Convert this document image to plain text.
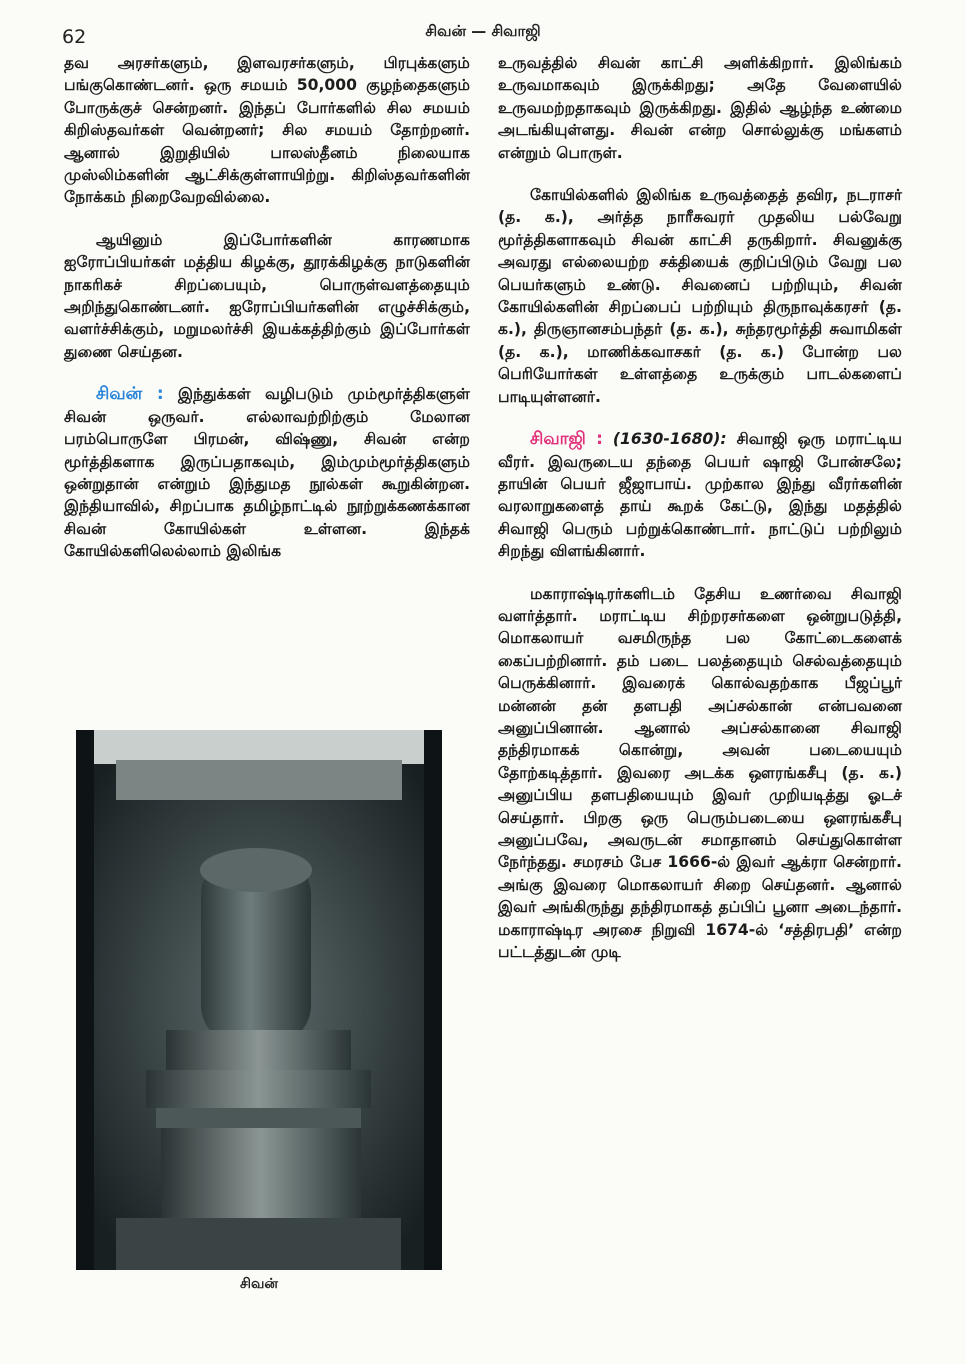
62	சிவன் — சிவாஜி

தவ அரசர்களும், இளவரசர்களும், பிரபுக்களும் பங்குகொண்டனர். ஒரு சமயம் 50,000 குழந்தைகளும் போருக்குச் சென்றனர். இந்தப் போர்களில் சில சமயம் கிறிஸ்தவர்கள் வென்றனர்; சில சமயம் தோற்றனர். ஆனால் இறுதியில் பாலஸ்தீனம் நிலையாக முஸ்லிம்களின் ஆட்சிக்குள்ளாயிற்று. கிறிஸ்தவர்களின் நோக்கம் நிறைவேறவில்லை.

ஆயினும் இப்போர்களின் காரணமாக ஐரோப்பியர்கள் மத்திய கிழக்கு, தூரக்கிழக்கு நாடுகளின் நாகரிகச் சிறப்பையும், பொருள்வளத்தையும் அறிந்துகொண்டனர். ஐரோப்பியர்களின் எழுச்சிக்கும், வளர்ச்சிக்கும், மறுமலர்ச்சி இயக்கத்திற்கும் இப்போர்கள் துணை செய்தன.

சிவன் : இந்துக்கள் வழிபடும் மும்மூர்த்திகளுள் சிவன் ஒருவர். எல்லாவற்றிற்கும் மேலான பரம்பொருளே பிரமன், விஷ்ணு, சிவன் என்ற மூர்த்திகளாக இருப்பதாகவும், இம்மும்மூர்த்திகளும் ஒன்றுதான் என்றும் இந்துமத நூல்கள் கூறுகின்றன. இந்தியாவில், சிறப்பாக தமிழ்நாட்டில் நூற்றுக்கணக்கான சிவன் கோயில்கள் உள்ளன. இந்தக் கோயில்களிலெல்லாம் இலிங்க

சிவன்

உருவத்தில் சிவன் காட்சி அளிக்கிறார். இலிங்கம் உருவமாகவும் இருக்கிறது; அதே வேளையில் உருவமற்றதாகவும் இருக்கிறது. இதில் ஆழ்ந்த உண்மை அடங்கியுள்ளது. சிவன் என்ற சொல்லுக்கு மங்களம் என்றும் பொருள்.

கோயில்களில் இலிங்க உருவத்தைத் தவிர, நடராசர் (த. க.), அர்த்த நாரீசுவரர் முதலிய பல்வேறு மூர்த்திகளாகவும் சிவன் காட்சி தருகிறார். சிவனுக்கு அவரது எல்லையற்ற சக்தியைக் குறிப்பிடும் வேறு பல பெயர்களும் உண்டு. சிவனைப் பற்றியும், சிவன் கோயில்களின் சிறப்பைப் பற்றியும் திருநாவுக்கரசர் (த. க.), திருஞானசம்பந்தர் (த. க.), சுந்தரமூர்த்தி சுவாமிகள் (த. க.), மாணிக்கவாசகர் (த. க.) போன்ற பல பெரியோர்கள் உள்ளத்தை உருக்கும் பாடல்களைப் பாடியுள்ளனர்.

சிவாஜி : (1630-1680): சிவாஜி ஒரு மராட்டிய வீரர். இவருடைய தந்தை பெயர் ஷாஜி போன்சலே; தாயின் பெயர் ஜீஜாபாய். முற்கால இந்து வீரர்களின் வரலாறுகளைத் தாய் கூறக் கேட்டு, இந்து மதத்தில் சிவாஜி பெரும் பற்றுக்கொண்டார். நாட்டுப் பற்றிலும் சிறந்து விளங்கினார்.

மகாராஷ்டிரர்களிடம் தேசிய உணர்வை சிவாஜி வளர்த்தார். மராட்டிய சிற்றரசர்களை ஒன்றுபடுத்தி, மொகலாயர் வசமிருந்த பல கோட்டைகளைக் கைப்பற்றினார். தம் படை பலத்தையும் செல்வத்தையும் பெருக்கினார். இவரைக் கொல்வதற்காக பீஜப்பூர் மன்னன் தன் தளபதி அப்சல்கான் என்பவனை அனுப்பினான். ஆனால் அப்சல்கானை சிவாஜி தந்திரமாகக் கொன்று, அவன் படையையும் தோற்கடித்தார். இவரை அடக்க ஔரங்கசீபு (த. க.) அனுப்பிய தளபதியையும் இவர் முறியடித்து ஓடச் செய்தார். பிறகு ஒரு பெரும்படையை ஔரங்கசீபு அனுப்பவே, அவருடன் சமாதானம் செய்துகொள்ள நேர்ந்தது. சமரசம் பேச 1666-ல் இவர் ஆக்ரா சென்றார். அங்கு இவரை மொகலாயர் சிறை செய்தனர். ஆனால் இவர் அங்கிருந்து தந்திரமாகத் தப்பிப் பூனா அடைந்தார். மகாராஷ்டிர அரசை நிறுவி 1674-ல் ‘சத்திரபதி’ என்ற பட்டத்துடன் முடி
